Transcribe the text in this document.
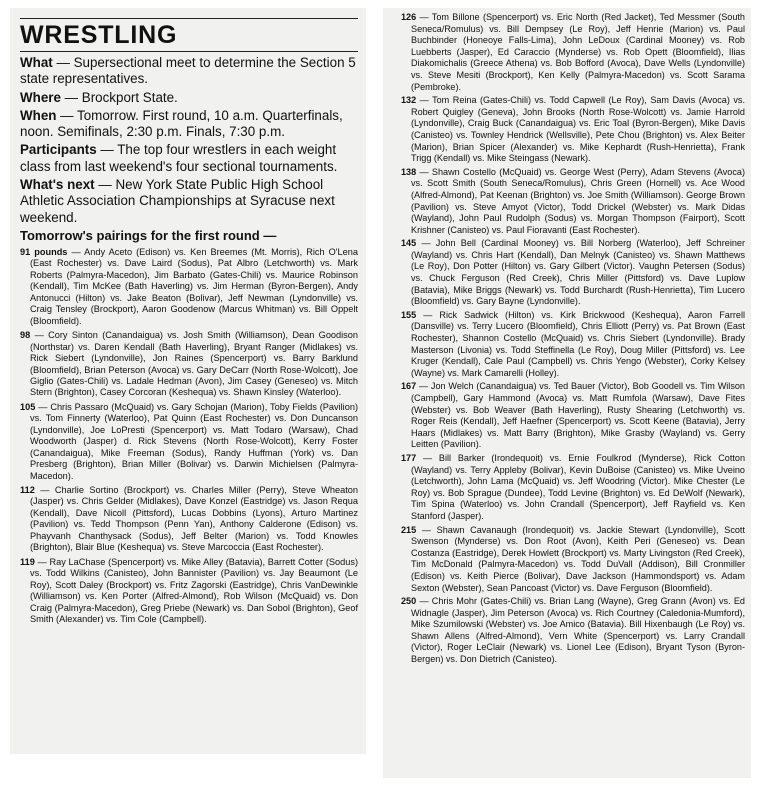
WRESTLING

What — Supersectional meet to determine the Section 5 state representatives.

Where — Brockport State.

When — Tomorrow. First round, 10 a.m. Quarterfinals, noon. Semifinals, 2:30 p.m. Finals, 7:30 p.m.

Participants — The top four wrestlers in each weight class from last weekend's four sectional tournaments.

What's next — New York State Public High School Athletic Association Championships at Syracuse next weekend.

Tomorrow's pairings for the first round —

91 pounds — Andy Aceto (Edison) vs. Ken Breemes (Mt. Morris), Rich O'Lena (East Rochester) vs. Dave Laird (Sodus), Pat Albro (Letchworth) vs. Mark Roberts (Palmyra-Macedon), Jim Barbato (Gates-Chili) vs. Maurice Robinson (Kendall), Tim McKee (Bath Haverling) vs. Jim Herman (Byron-Bergen), Andy Antonucci (Hilton) vs. Jake Beaton (Bolivar), Jeff Newman (Lyndonville) vs. Craig Tensley (Brockport), Aaron Goodenow (Marcus Whitman) vs. Bill Oppelt (Bloomfield).

98 — Cory Sinton (Canandaigua) vs. Josh Smith (Williamson), Dean Goodison (Northstar) vs. Daren Kendall (Bath Haverling), Bryant Ranger (Midlakes) vs. Rick Siebert (Lyndonville), Jon Raines (Spencerport) vs. Barry Barklund (Bloomfield), Brian Peterson (Avoca) vs. Gary DeCarr (North Rose-Wolcott), Joe Giglio (Gates-Chili) vs. Ladale Hedman (Avon), Jim Casey (Geneseo) vs. Mitch Stern (Brighton), Casey Corcoran (Keshequa) vs. Shawn Kinsley (Waterloo).

105 — Chris Passaro (McQuaid) vs. Gary Schojan (Marion), Toby Fields (Pavilion) vs. Tom Finnerty (Waterloo), Pat Quinn (East Rochester) vs. Don Duncanson (Lyndonville), Joe LoPresti (Spencerport) vs. Matt Todaro (Warsaw), Chad Woodworth (Jasper) d. Rick Stevens (North Rose-Wolcott), Kerry Foster (Canandaigua), Mike Freeman (Sodus), Randy Huffman (York) vs. Dan Presberg (Brighton), Brian Miller (Bolivar) vs. Darwin Michielsen (Palmyra-Macedon).

112 — Charlie Sortino (Brockport) vs. Charles Miller (Perry), Steve Wheaton (Jasper) vs. Chris Gelder (Midlakes), Dave Konzel (Eastridge) vs. Jason Requa (Kendall), Dave Nicoll (Pittsford), Lucas Dobbins (Lyons), Arturo Martinez (Pavilion) vs. Tedd Thompson (Penn Yan), Anthony Calderone (Edison) vs. Phayvanh Chanthysack (Sodus), Jeff Belter (Marion) vs. Todd Knowles (Brighton), Blair Blue (Keshequa) vs. Steve Marcoccia (East Rochester).

119 — Ray LaChase (Spencerport) vs. Mike Alley (Batavia), Barrett Cotter (Sodus) vs. Todd Wilkins (Canisteo), John Bannister (Pavilion) vs. Jay Beaumont (Le Roy), Scott Daley (Brockport) vs. Fritz Zagorski (Eastridge), Chris VanDewinkle (Williamson) vs. Ken Porter (Alfred-Almond), Rob Wilson (McQuaid) vs. Don Craig (Palmyra-Macedon), Greg Priebe (Newark) vs. Dan Sobol (Brighton), Geof Smith (Alexander) vs. Tim Cole (Campbell).

126 — Tom Billone (Spencerport) vs. Eric North (Red Jacket), Ted Messmer (South Seneca/Romulus) vs. Bill Dempsey (Le Roy), Jeff Henrie (Marion) vs. Paul Buchbinder (Honeoye Falls-Lima), John LeDoux (Cardinal Mooney) vs. Rob Luebberts (Jasper), Ed Caraccio (Mynderse) vs. Rob Opett (Bloomfield), Ilias Diakomichalis (Greece Athena) vs. Bob Bofford (Avoca), Dave Wells (Lyndonville) vs. Steve Mesiti (Brockport), Ken Kelly (Palmyra-Macedon) vs. Scott Sarama (Pembroke).

132 — Tom Reina (Gates-Chili) vs. Todd Capwell (Le Roy), Sam Davis (Avoca) vs. Robert Quigley (Geneva), John Brooks (North Rose-Wolcott) vs. Jamie Harrold (Lyndonville), Craig Buck (Canandaigua) vs. Eric Toal (Byron-Bergen), Mike Davis (Canisteo) vs. Townley Hendrick (Wellsville), Pete Chou (Brighton) vs. Alex Beiter (Marion), Brian Spicer (Alexander) vs. Mike Kephardt (Rush-Henrietta), Frank Trigg (Kendall) vs. Mike Steingass (Newark).

138 — Shawn Costello (McQuaid) vs. George West (Perry), Adam Stevens (Avoca) vs. Scott Smith (South Seneca/Romulus), Chris Green (Hornell) vs. Ace Wood (Alfred-Almond), Pat Keenan (Brighton) vs. Joe Smith (Williamson). George Brown (Pavilion) vs. Steve Amyot (Victor), Todd Drickel (Webster) vs. Mark Didas (Wayland), John Paul Rudolph (Sodus) vs. Morgan Thompson (Fairport), Scott Krishner (Canisteo) vs. Paul Fioravanti (East Rochester).

145 — John Bell (Cardinal Mooney) vs. Bill Norberg (Waterloo), Jeff Schreiner (Wayland) vs. Chris Hart (Kendall), Dan Melnyk (Canisteo) vs. Shawn Matthews (Le Roy), Don Potter (Hilton) vs. Gary Gilbert (Victor). Vaughn Petersen (Sodus) vs. Chuck Ferguson (Red Creek), Chris Miller (Pittsford) vs. Dave Luplow (Batavia), Mike Briggs (Newark) vs. Todd Burchardt (Rush-Henrietta), Tim Lucero (Bloomfield) vs. Gary Bayne (Lyndonville).

155 — Rick Sadwick (Hilton) vs. Kirk Brickwood (Keshequa), Aaron Farrell (Dansville) vs. Terry Lucero (Bloomfield), Chris Elliott (Perry) vs. Pat Brown (East Rochester), Shannon Costello (McQuaid) vs. Chris Siebert (Lyndonville). Brady Masterson (Livonia) vs. Todd Steffinella (Le Roy), Doug Miller (Pittsford) vs. Lee Kruger (Kendall), Cale Paul (Campbell) vs. Chris Yengo (Webster), Corky Kelsey (Wayne) vs. Mark Camarelli (Holley).

167 — Jon Welch (Canandaigua) vs. Ted Bauer (Victor), Bob Goodell vs. Tim Wilson (Campbell), Gary Hammond (Avoca) vs. Matt Rumfola (Warsaw), Dave Fites (Webster) vs. Bob Weaver (Bath Haverling), Rusty Shearing (Letchworth) vs. Roger Reis (Kendall), Jeff Haefner (Spencerport) vs. Scott Keene (Batavia), Jerry Haars (Midlakes) vs. Matt Barry (Brighton), Mike Grasby (Wayland) vs. Gerry Leitten (Pavilion).

177 — Bill Barker (Irondequoit) vs. Ernie Foulkrod (Mynderse), Rick Cotton (Wayland) vs. Terry Appleby (Bolivar), Kevin DuBoise (Canisteo) vs. Mike Uveino (Letchworth), John Lama (McQuaid) vs. Jeff Woodring (Victor). Mike Chester (Le Roy) vs. Bob Sprague (Dundee), Todd Levine (Brighton) vs. Ed DeWolf (Newark), Tim Spina (Waterloo) vs. John Crandall (Spencerport), Jeff Rayfield vs. Ken Stanford (Jasper).

215 — Shawn Cavanaugh (Irondequoit) vs. Jackie Stewart (Lyndonville), Scott Swenson (Mynderse) vs. Don Root (Avon), Keith Peri (Geneseo) vs. Dean Costanza (Eastridge), Derek Howlett (Brockport) vs. Marty Livingston (Red Creek), Tim McDonald (Palmyra-Macedon) vs. Todd DuVall (Addison), Bill Cronmiller (Edison) vs. Keith Pierce (Bolivar), Dave Jackson (Hammondsport) vs. Adam Sexton (Webster), Sean Pancoast (Victor) vs. Dave Ferguson (Bloomfield).

250 — Chris Mohr (Gates-Chili) vs. Brian Lang (Wayne), Greg Grann (Avon) vs. Ed Widnagle (Jasper), Jim Peterson (Avoca) vs. Rich Courtney (Caledonia-Mumford), Mike Szumilowski (Webster) vs. Joe Amico (Batavia). Bill Hixenbaugh (Le Roy) vs. Shawn Allens (Alfred-Almond), Vern White (Spencerport) vs. Larry Crandall (Victor), Roger LeClair (Newark) vs. Lionel Lee (Edison), Bryant Tyson (Byron-Bergen) vs. Don Dietrich (Canisteo).
